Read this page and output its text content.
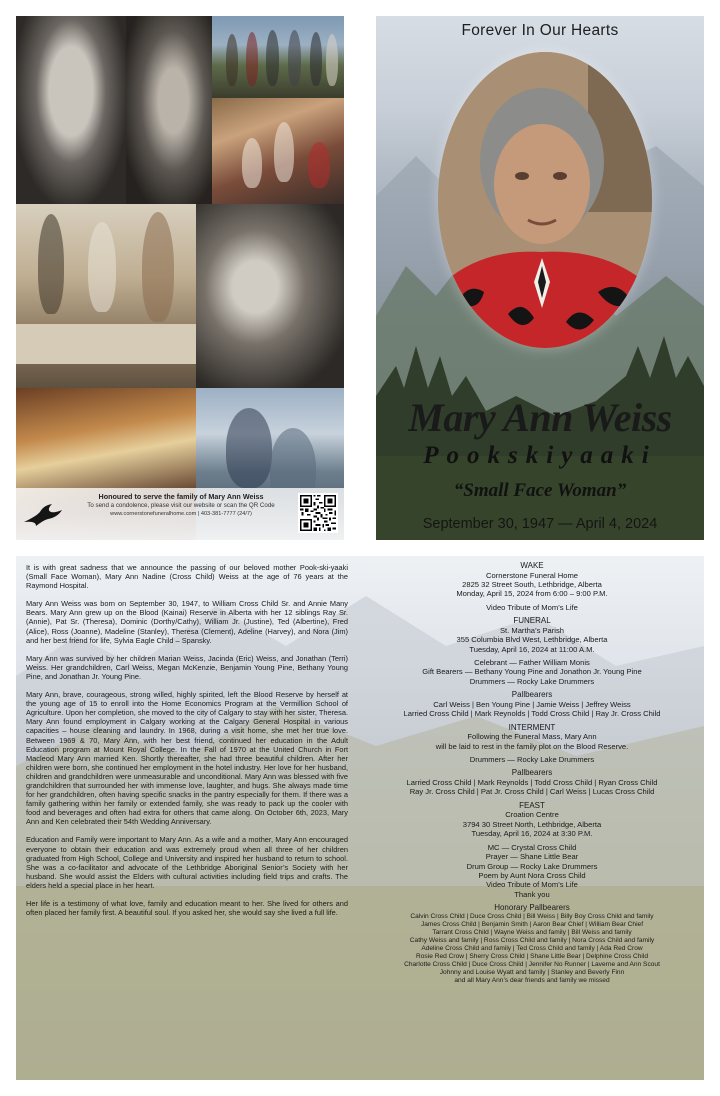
Honoured to serve the family of Mary Ann Weiss
To send a condolence, please visit our website or scan the QR Code
www.cornerstonefuneralhome.com | 403-381-7777 (24/7)
Forever In Our Hearts
Mary Ann Weiss
Pookskiyaaki
“Small Face Woman”
September 30, 1947 — April 4, 2024

It is with great sadness that we announce the passing of our beloved mother Pook-ski-yaaki (Small Face Woman), Mary Ann Nadine (Cross Child) Weiss at the age of 76 years at the Raymond Hospital.

Mary Ann Weiss was born on September 30, 1947, to William Cross Child Sr. and Annie Many Bears. Mary Ann grew up on the Blood (Kainai) Reserve in Alberta with her 12 siblings Ray Sr. (Annie), Pat Sr. (Theresa), Dominic (Dorthy/Cathy), William Jr. (Justine), Ted (Albertine), Fred (Alice), Ross (Joanne), Madeline (Stanley), Theresa (Clement), Adeline (Harvey), and Nora (Jim) and her best friend for life, Sylvia Eagle Child – Spansky.

Mary Ann was survived by her children Marian Weiss, Jacinda (Eric) Weiss, and Jonathan (Terri) Weiss. Her grandchildren, Carl Weiss, Megan McKenzie, Benjamin Young Pine, Bethany Young Pine, and Jonathan Jr. Young Pine.

Mary Ann, brave, courageous, strong willed, highly spirited, left the Blood Reserve by herself at the young age of 15 to enroll into the Home Economics Program at the Vermillion School of Agriculture. Upon her completion, she moved to the city of Calgary to stay with her sister, Theresa. Mary Ann found employment in Calgary working at the Calgary General Hospital in various capacities – house cleaning and laundry. In 1968, during a visit home, she met her true love. Between 1969 & 70, Mary Ann, with her best friend, continued her education in the Adult Education program at Mount Royal College. In the Fall of 1970 at the United Church in Fort Macleod Mary Ann married Ken. Shortly thereafter, she had three beautiful children. After her children were born, she continued her employment in the hotel industry. Her love for her husband, children and grandchildren were unmeasurable and unconditional. Mary Ann was blessed with five grandchildren that surrounded her with immense love, laughter, and hugs. She always made time for her grandchildren, often having specific snacks in the pantry especially for them. If there was a family gathering within her family or extended family, she was ready to pack up the cooler with food and beverages and often had extra for others that came along. On October 6th, 2023, Mary Ann and Ken celebrated their 54th Wedding Anniversary.

Education and Family were important to Mary Ann. As a wife and a mother, Mary Ann encouraged everyone to obtain their education and was extremely proud when all three of her children graduated from High School, College and University and inspired her husband to return to school. She was a co-facilitator and advocate of the Lethbridge Aboriginal Senior’s Society with her husband. She would assist the Elders with cultural activities including field trips and crafts. The elders held a special place in her heart.

Her life is a testimony of what love, family and education meant to her. She lived for others and often placed her family first. A beautiful soul. If you asked her, she would say she lived a full life.

WAKE
Cornerstone Funeral Home
2825 32 Street South, Lethbridge, Alberta
Monday, April 15, 2024 from 6:00 – 9:00 P.M.
Video Tribute of Mom’s Life
FUNERAL
St. Martha’s Parish
355 Columbia Blvd West, Lethbridge, Alberta
Tuesday, April 16, 2024 at 11:00 A.M.
Celebrant — Father William Monis
Gift Bearers — Bethany Young Pine and Jonathon Jr. Young Pine
Drummers — Rocky Lake Drummers
Pallbearers
Carl Weiss | Ben Young Pine | Jamie Weiss | Jeffrey Weiss
Larried Cross Child | Mark Reynolds | Todd Cross Child | Ray Jr. Cross Child
INTERMENT
Following the Funeral Mass, Mary Ann
will be laid to rest in the family plot on the Blood Reserve.
Drummers — Rocky Lake Drummers
Pallbearers
Larried Cross Child | Mark Reynolds | Todd Cross Child | Ryan Cross Child
Ray Jr. Cross Child | Pat Jr. Cross Child | Carl Weiss | Lucas Cross Child
FEAST
Croation Centre
3794 30 Street North, Lethbridge, Alberta
Tuesday, April 16, 2024 at 3:30 P.M.
MC — Crystal Cross Child
Prayer — Shane Little Bear
Drum Group — Rocky Lake Drummers
Poem by Aunt Nora Cross Child
Video Tribute of Mom’s Life
Thank you
Honorary Pallbearers
Calvin Cross Child | Duce Cross Child | Bill Weiss | Billy Boy Cross Child and family
James Cross Child | Benjamin Smith | Aaron Bear Chief | William Bear Chief
Tarrant Cross Child | Wayne Weiss and family | Bill Weiss and family
Cathy Weiss and family | Ross Cross Child and family | Nora Cross Child and family
Adeline Cross Child and family | Ted Cross Child and family | Ada Red Crow
Rosie Red Crow | Sherry Cross Child | Shane Little Bear | Delphine Cross Child
Charlotte Cross Child | Duce Cross Child | Jennifer No Runner | Laverne and Ann Scout
Johnny and Louise Wyatt and family | Stanley and Beverly Finn
and all Mary Ann’s dear friends and family we missed
